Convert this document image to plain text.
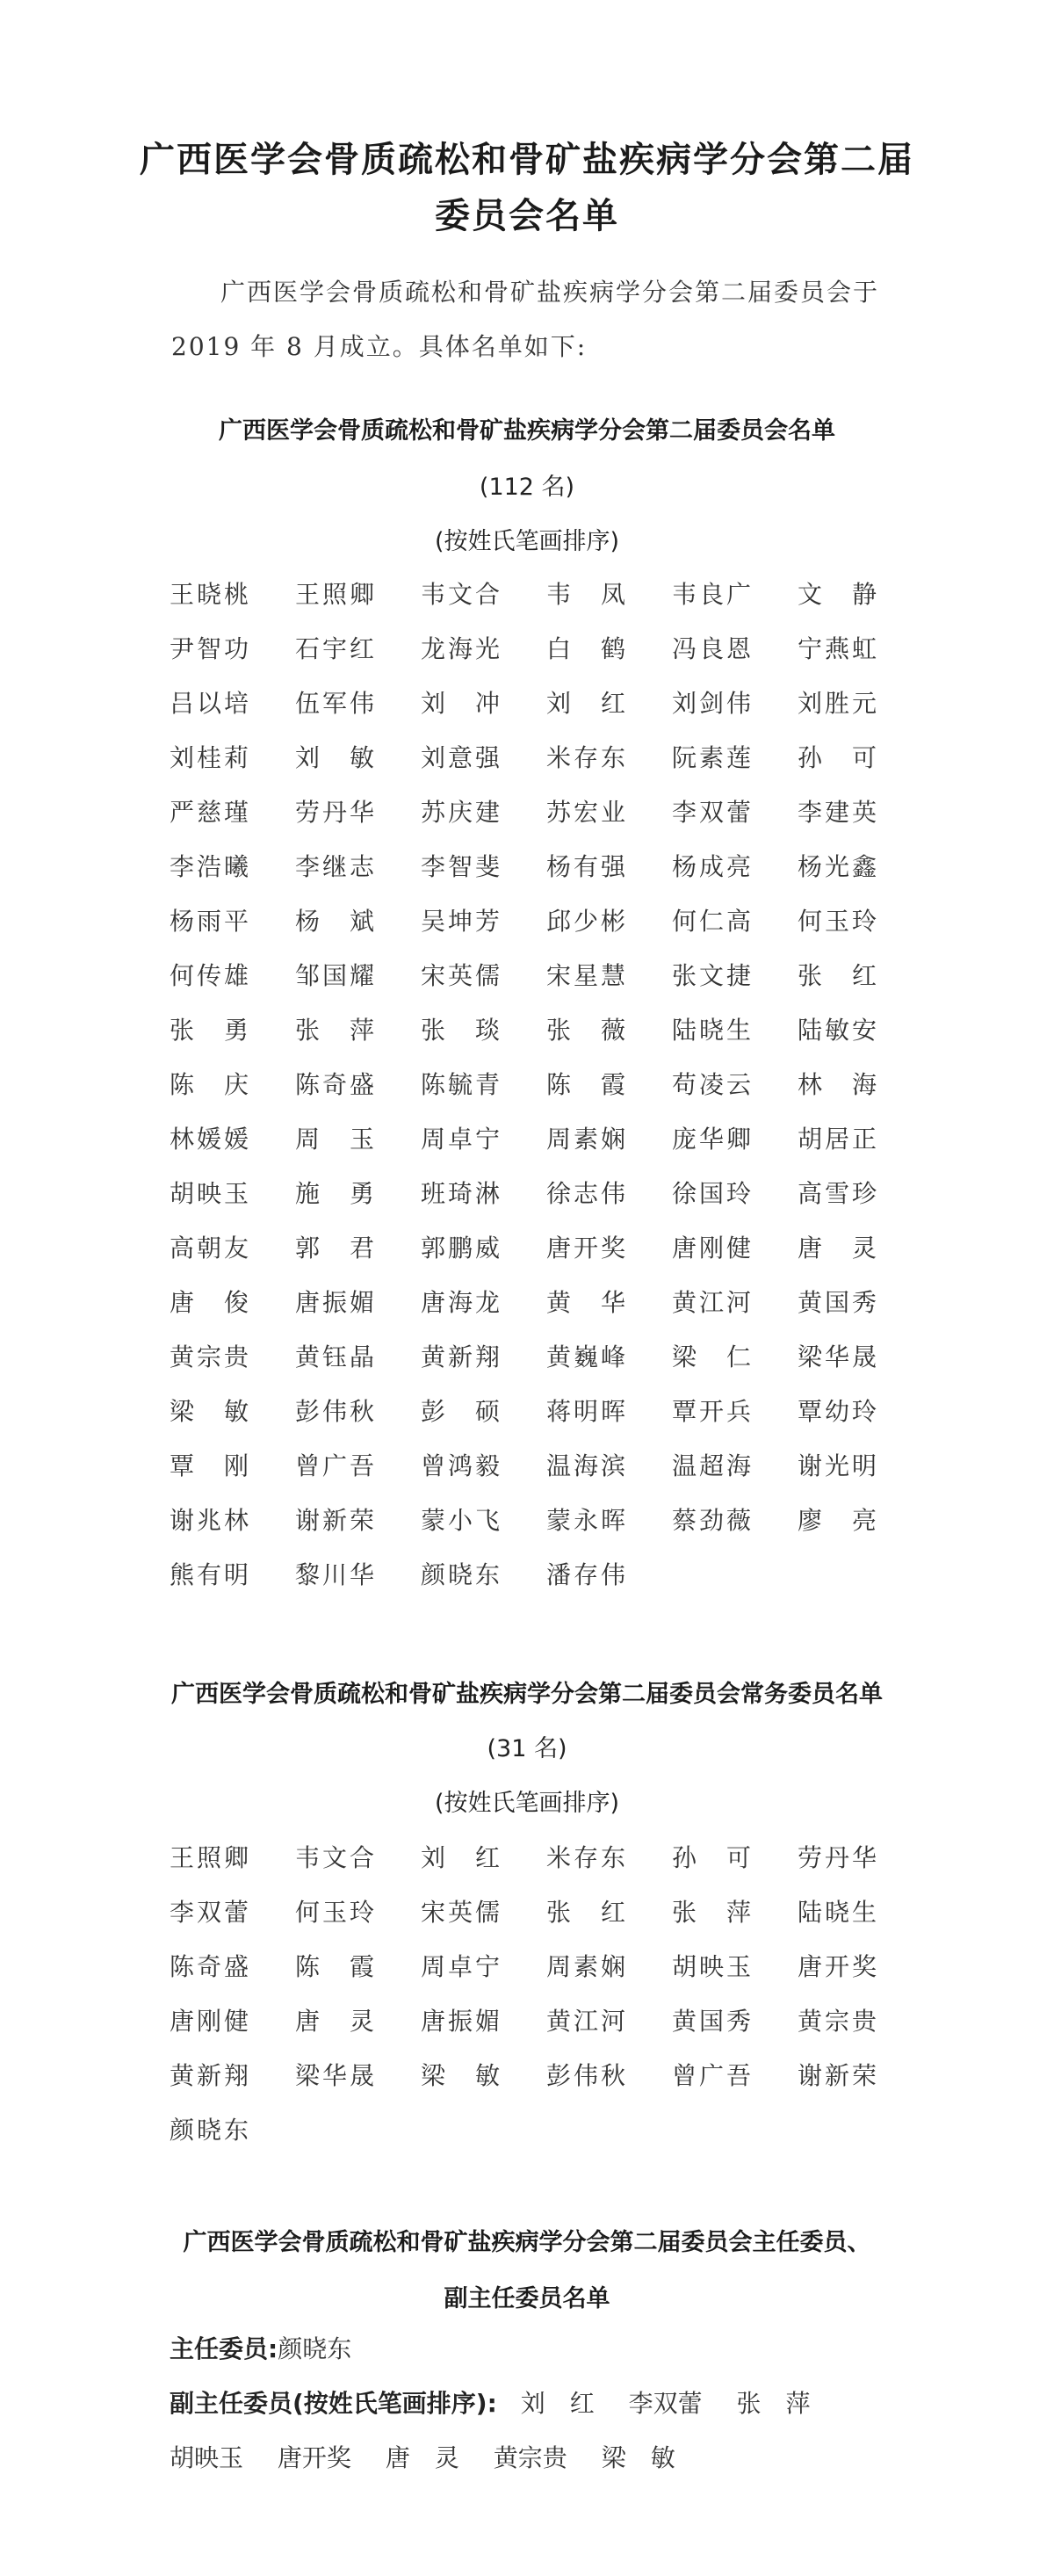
广西医学会骨质疏松和骨矿盐疾病学分会第二届
委员会名单

广西医学会骨质疏松和骨矿盐疾病学分会第二届委员会于 2019 年 8 月成立。具体名单如下:

广西医学会骨质疏松和骨矿盐疾病学分会第二届委员会名单
(112 名)
(按姓氏笔画排序)
王 晓 桃 王 照 卿 韦 文 合 韦 凤 韦 良 广 文 静
尹 智 功 石 宇 红 龙 海 光 白 鹤 冯 良 恩 宁 燕 虹
吕 以 培 伍 军 伟 刘 冲 刘 红 刘 剑 伟 刘 胜 元
刘 桂 莉 刘 敏 刘 意 强 米 存 东 阮 素 莲 孙 可
严 慈 瑾 劳 丹 华 苏 庆 建 苏 宏 业 李 双 蕾 李 建 英
李 浩 曦 李 继 志 李 智 斐 杨 有 强 杨 成 亮 杨 光 鑫
杨 雨 平 杨 斌 吴 坤 芳 邱 少 彬 何 仁 高 何 玉 玲
何 传 雄 邹 国 耀 宋 英 儒 宋 星 慧 张 文 捷 张 红
张 勇 张 萍 张 琰 张 薇 陆 晓 生 陆 敏 安
陈 庆 陈 奇 盛 陈 毓 青 陈 霞 苟 凌 云 林 海
林 媛 媛 周 玉 周 卓 宁 周 素 娴 庞 华 卿 胡 居 正
胡 映 玉 施 勇 班 琦 淋 徐 志 伟 徐 国 玲 高 雪 珍
高 朝 友 郭 君 郭 鹏 威 唐 开 奖 唐 刚 健 唐 灵
唐 俊 唐 振 媚 唐 海 龙 黄 华 黄 江 河 黄 国 秀
黄 宗 贵 黄 钰 晶 黄 新 翔 黄 巍 峰 梁 仁 梁 华 晟
梁 敏 彭 伟 秋 彭 硕 蒋 明 晖 覃 开 兵 覃 幼 玲
覃 刚 曾 广 吾 曾 鸿 毅 温 海 滨 温 超 海 谢 光 明
谢 兆 林 谢 新 荣 蒙 小 飞 蒙 永 晖 蔡 劲 薇 廖 亮
熊 有 明 黎 川 华 颜 晓 东 潘 存 伟
广西医学会骨质疏松和骨矿盐疾病学分会第二届委员会常务委员名单
(31 名)
(按姓氏笔画排序)
王 照 卿 韦 文 合 刘 红 米 存 东 孙 可 劳 丹 华
李 双 蕾 何 玉 玲 宋 英 儒 张 红 张 萍 陆 晓 生
陈 奇 盛 陈 霞 周 卓 宁 周 素 娴 胡 映 玉 唐 开 奖
唐 刚 健 唐 灵 唐 振 媚 黄 江 河 黄 国 秀 黄 宗 贵
黄 新 翔 梁 华 晟 梁 敏 彭 伟 秋 曾 广 吾 谢 新 荣
颜 晓 东
广西医学会骨质疏松和骨矿盐疾病学分会第二届委员会主任委员、
副主任委员名单
主任委员:颜晓东
副主任委员(按姓氏笔画排序): 刘　红 李双蕾 张　萍
胡映玉 唐开奖 唐　灵 黄宗贵 梁　敏
